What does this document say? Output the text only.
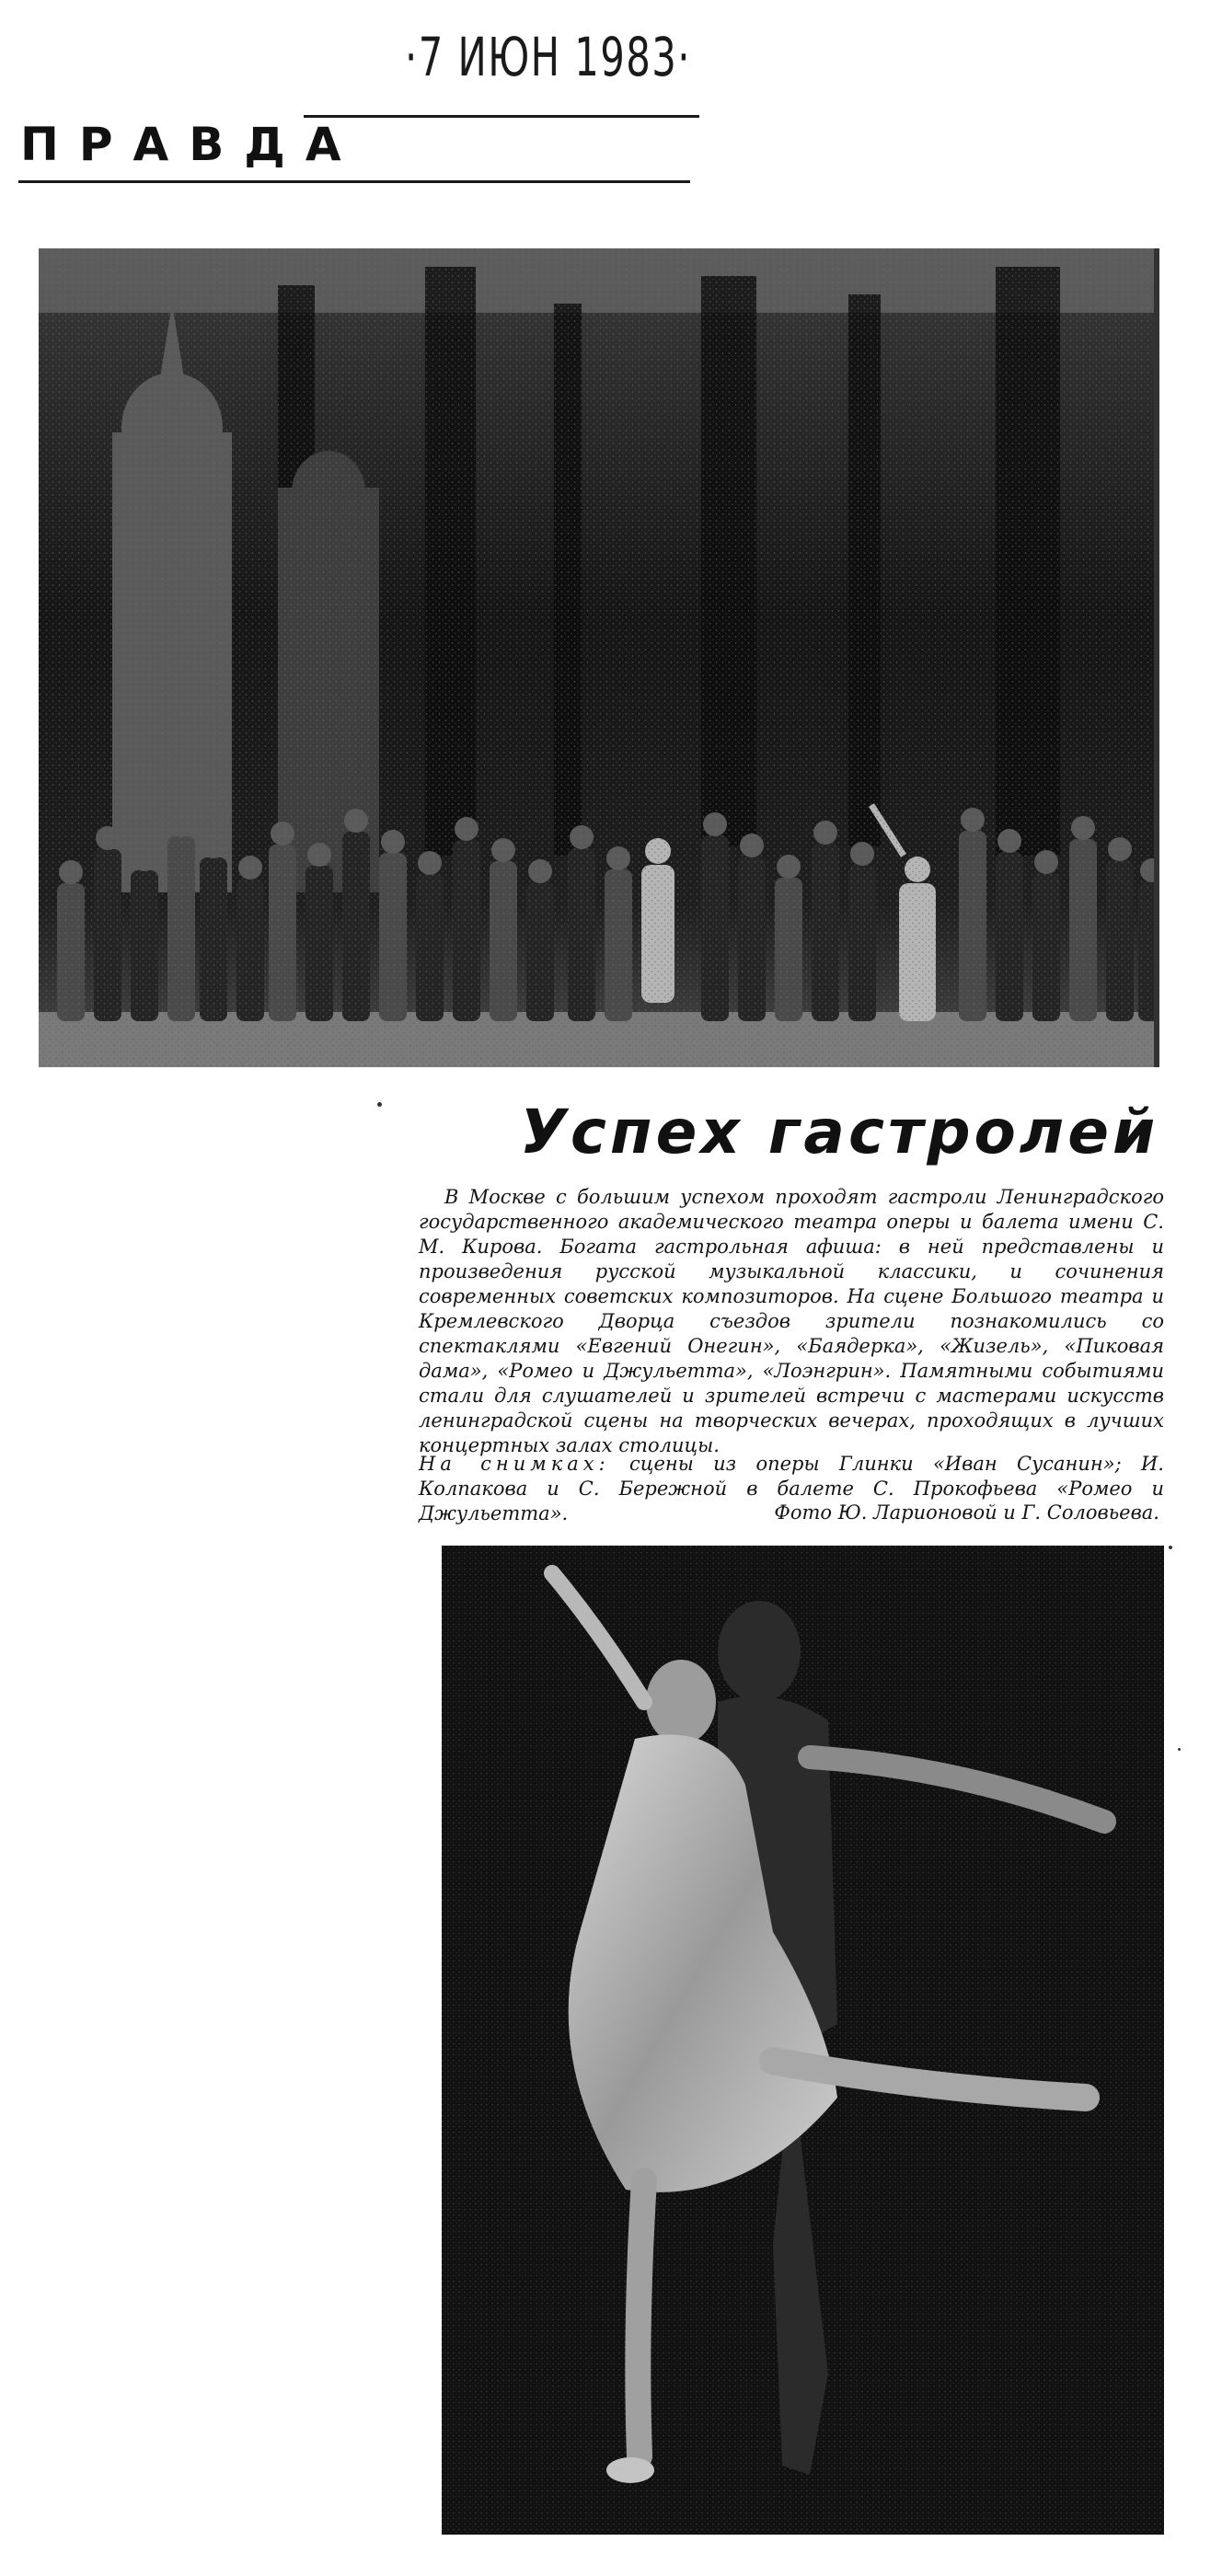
·7 ИЮН 1983·
ПРАВДА
Успех гастролей

В Москве с большим успехом проходят гастроли Ленинградского государственного академического театра оперы и балета имени С. М. Кирова. Богата гастрольная афиша: в ней представлены и произведения русской музыкальной классики, и сочинения современных советских композиторов. На сцене Большого театра и Кремлевского Дворца съездов зрители познакомились со спектаклями «Евгений Онегин», «Баядерка», «Жизель», «Пиковая дама», «Ромео и Джульетта», «Лоэнгрин». Памятными событиями стали для слушателей и зрителей встречи с мастерами искусств ленинградской сцены на творческих вечерах, проходящих в лучших концертных залах столицы.

На снимках: сцены из оперы Глинки «Иван Сусанин»; И. Колпакова и С. Бережной в балете С. Прокофьева «Ромео и Джульетта».	Фото Ю. Ларионовой и Г. Соловьева.
